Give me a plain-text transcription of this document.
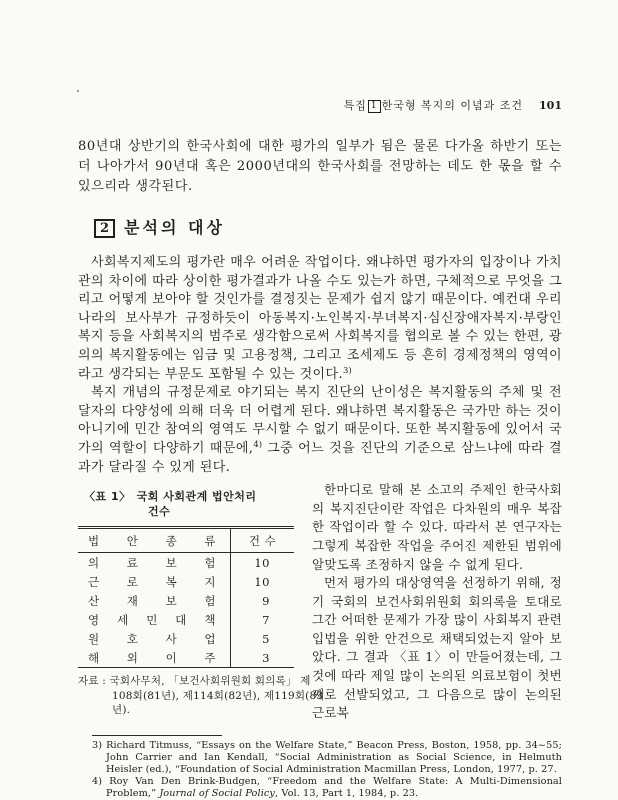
특집 1 한국형 복지의 이념과 조건 101

80년대 상반기의 한국사회에 대한 평가의 일부가 됨은 물론 다가올 하반기 또는 더 나아가서 90년대 혹은 2000년대의 한국사회를 전망하는 데도 한 몫을 할 수 있으리라 생각된다.

2 분석의 대상

사회복지제도의 평가란 매우 어려운 작업이다. 왜냐하면 평가자의 입장이나 가치관의 차이에 따라 상이한 평가결과가 나올 수도 있는가 하면, 구체적으로 무엇을 그리고 어떻게 보아야 할 것인가를 결정짓는 문제가 쉽지 않기 때문이다. 예컨대 우리나라의 보사부가 규정하듯이 아동복지·노인복지·부녀복지·심신장애자복지·부랑인복지 등을 사회복지의 범주로 생각함으로써 사회복지를 협의로 볼 수 있는 한편, 광의의 복지활동에는 임금 및 고용정책, 그리고 조세제도 등 흔히 경제정책의 영역이라고 생각되는 부문도 포함될 수 있는 것이다.$^{3)}$

복지 개념의 규정문제로 야기되는 복지 진단의 난이성은 복지활동의 주체 및 전달자의 다양성에 의해 더욱 더 어렵게 된다. 왜냐하면 복지활동은 국가만 하는 것이 아니기에 민간 참여의 영역도 무시할 수 없기 때문이다. 또한 복지활동에 있어서 국가의 역할이 다양하기 때문에,$^{4)}$ 그중 어느 것을 진단의 기준으로 삼느냐에 따라 결과가 달라질 수 있게 된다.

〈표 1〉 국회 사회관계 법안처리
건수
법 안 종 류	건 수
의 료 보 험	10
근 로 복 지	10
산 재 보 험	9
영 세 민 대 책	7
원 호 사 업	5
해 외 이 주	3
자료 : 국회사무처, 「보건사회위원회 회의록」 제108회(81년), 제114회(82년), 제119회(83년).

한마디로 말해 본 소고의 주제인 한국사회의 복지진단이란 작업은 다차원의 매우 복잡한 작업이라 할 수 있다. 따라서 본 연구자는 그렇게 복잡한 작업을 주어진 제한된 범위에 알맞도록 조정하지 않을 수 없게 된다.

먼저 평가의 대상영역을 선정하기 위해, 정기 국회의 보건사회위원회 회의록을 토대로 그간 어떠한 문제가 가장 많이 사회복지 관련 입법을 위한 안건으로 채택되었는지 알아 보았다. 그 결과 〈표 1〉이 만들어졌는데, 그것에 따라 제일 많이 논의된 의료보험이 첫번째로 선발되었고, 그 다음으로 많이 논의된 근로복

3) Richard Titmuss, “Essays on the Welfare State,” Beacon Press, Boston, 1958, pp. 34~55; John Carrier and Ian Kendall, “Social Administration as Social Science, in Helmuth Heisler (ed.), “Foundation of Social Administration Macmillan Press, London, 1977, p. 27.

4) Roy Van Den Brink-Budgen, “Freedom and the Welfare State: A Multi-Dimensional Problem,” Journal of Social Policy, Vol. 13, Part 1, 1984, p. 23.
